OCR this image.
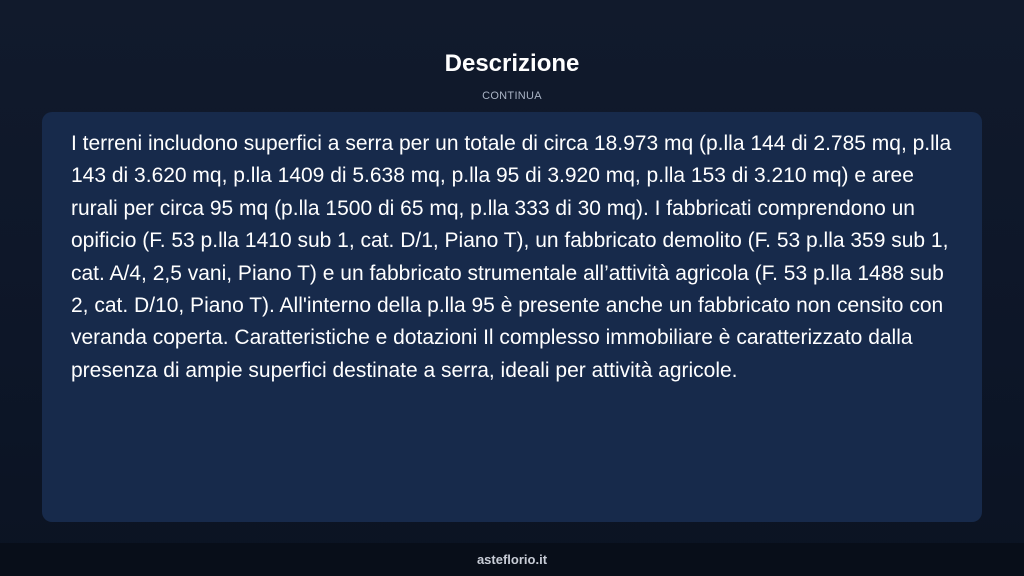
Descrizione
CONTINUA

I terreni includono superfici a serra per un totale di circa 18.973 mq (p.lla 144 di 2.785 mq, p.lla 143 di 3.620 mq, p.lla 1409 di 5.638 mq, p.lla 95 di 3.920 mq, p.lla 153 di 3.210 mq) e aree rurali per circa 95 mq (p.lla 1500 di 65 mq, p.lla 333 di 30 mq). I fabbricati comprendono un opificio (F. 53 p.lla 1410 sub 1, cat. D/1, Piano T), un fabbricato demolito (F. 53 p.lla 359 sub 1, cat. A/4, 2,5 vani, Piano T) e un fabbricato strumentale all’attività agricola (F. 53 p.lla 1488 sub 2, cat. D/10, Piano T). All'interno della p.lla 95 è presente anche un fabbricato non censito con veranda coperta. Caratteristiche e dotazioni Il complesso immobiliare è caratterizzato dalla presenza di ampie superfici destinate a serra, ideali per attività agricole.

asteflorio.it
